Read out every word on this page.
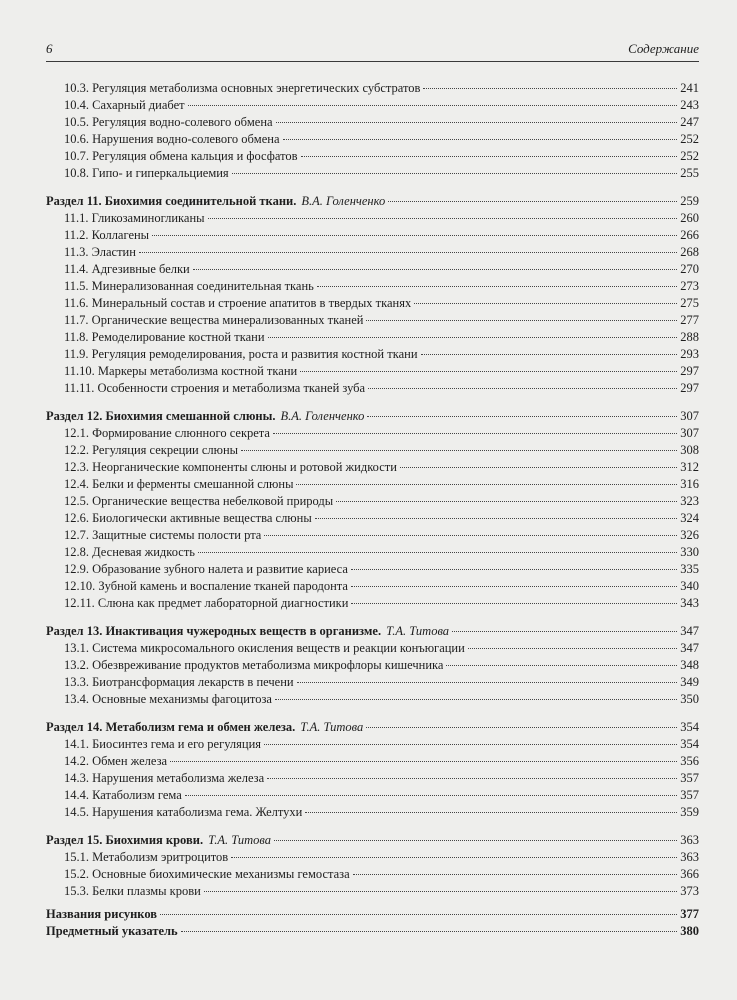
6	Содержание
10.3. Регуляция метаболизма основных энергетических субстратов	241
10.4. Сахарный диабет	243
10.5. Регуляция водно-солевого обмена	247
10.6. Нарушения водно-солевого обмена	252
10.7. Регуляция обмена кальция и фосфатов	252
10.8. Гипо- и гиперкальциемия	255
Раздел 11. Биохимия соединительной ткани. В.А. Голенченко	259
11.1. Гликозаминогликаны	260
11.2. Коллагены	266
11.3. Эластин	268
11.4. Адгезивные белки	270
11.5. Минерализованная соединительная ткань	273
11.6. Минеральный состав и строение апатитов в твердых тканях	275
11.7. Органические вещества минерализованных тканей	277
11.8. Ремоделирование костной ткани	288
11.9. Регуляция ремоделирования, роста и развития костной ткани	293
11.10. Маркеры метаболизма костной ткани	297
11.11. Особенности строения и метаболизма тканей зуба	297
Раздел 12. Биохимия смешанной слюны. В.А. Голенченко	307
12.1. Формирование слюнного секрета	307
12.2. Регуляция секреции слюны	308
12.3. Неорганические компоненты слюны и ротовой жидкости	312
12.4. Белки и ферменты смешанной слюны	316
12.5. Органические вещества небелковой природы	323
12.6. Биологически активные вещества слюны	324
12.7. Защитные системы полости рта	326
12.8. Десневая жидкость	330
12.9. Образование зубного налета и развитие кариеса	335
12.10. Зубной камень и воспаление тканей пародонта	340
12.11. Слюна как предмет лабораторной диагностики	343
Раздел 13. Инактивация чужеродных веществ в организме. Т.А. Титова	347
13.1. Система микросомального окисления веществ и реакции конъюгации	347
13.2. Обезвреживание продуктов метаболизма микрофлоры кишечника	348
13.3. Биотрансформация лекарств в печени	349
13.4. Основные механизмы фагоцитоза	350
Раздел 14. Метаболизм гема и обмен железа. Т.А. Титова	354
14.1. Биосинтез гема и его регуляция	354
14.2. Обмен железа	356
14.3. Нарушения метаболизма железа	357
14.4. Катаболизм гема	357
14.5. Нарушения катаболизма гема. Желтухи	359
Раздел 15. Биохимия крови. Т.А. Титова	363
15.1. Метаболизм эритроцитов	363
15.2. Основные биохимические механизмы гемостаза	366
15.3. Белки плазмы крови	373
Названия рисунков	377
Предметный указатель	380
